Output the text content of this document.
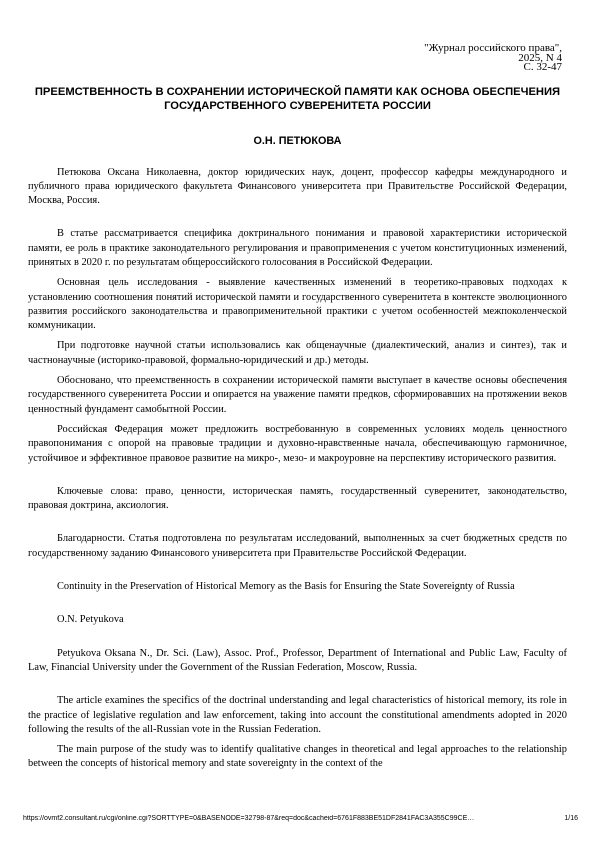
"Журнал российского права", 2025, N 4
С. 32-47
ПРЕЕМСТВЕННОСТЬ В СОХРАНЕНИИ ИСТОРИЧЕСКОЙ ПАМЯТИ КАК ОСНОВА ОБЕСПЕЧЕНИЯ ГОСУДАРСТВЕННОГО СУВЕРЕНИТЕТА РОССИИ
О.Н. ПЕТЮКОВА

Петюкова Оксана Николаевна, доктор юридических наук, доцент, профессор кафедры международного и публичного права юридического факультета Финансового университета при Правительстве Российской Федерации, Москва, Россия.

В статье рассматривается специфика доктринального понимания и правовой характеристики исторической памяти, ее роль в практике законодательного регулирования и правоприменения с учетом конституционных изменений, принятых в 2020 г. по результатам общероссийского голосования в Российской Федерации.

Основная цель исследования - выявление качественных изменений в теоретико-правовых подходах к установлению соотношения понятий исторической памяти и государственного суверенитета в контексте эволюционного развития российского законодательства и правоприменительной практики с учетом особенностей межпоколенческой коммуникации.

При подготовке научной статьи использовались как общенаучные (диалектический, анализ и синтез), так и частнонаучные (историко-правовой, формально-юридический и др.) методы.

Обосновано, что преемственность в сохранении исторической памяти выступает в качестве основы обеспечения государственного суверенитета России и опирается на уважение памяти предков, сформировавших на протяжении веков ценностный фундамент самобытной России.

Российская Федерация может предложить востребованную в современных условиях модель ценностного правопонимания с опорой на правовые традиции и духовно-нравственные начала, обеспечивающую гармоничное, устойчивое и эффективное правовое развитие на микро-, мезо- и макроуровне на перспективу исторического развития.

Ключевые слова: право, ценности, историческая память, государственный суверенитет, законодательство, правовая доктрина, аксиология.

Благодарности. Статья подготовлена по результатам исследований, выполненных за счет бюджетных средств по государственному заданию Финансового университета при Правительстве Российской Федерации.

Continuity in the Preservation of Historical Memory as the Basis for Ensuring the State Sovereignty of Russia

O.N. Petyukova

Petyukova Oksana N., Dr. Sci. (Law), Assoc. Prof., Professor, Department of International and Public Law, Faculty of Law, Financial University under the Government of the Russian Federation, Moscow, Russia.

The article examines the specifics of the doctrinal understanding and legal characteristics of historical memory, its role in the practice of legislative regulation and law enforcement, taking into account the constitutional amendments adopted in 2020 following the results of the all-Russian vote in the Russian Federation.

The main purpose of the study was to identify qualitative changes in theoretical and legal approaches to the relationship between the concepts of historical memory and state sovereignty in the context of the

https://ovmf2.consultant.ru/cgi/online.cgi?SORTTYPE=0&BASENODE=32798-87&req=doc&cacheid=6761F883BE51DF2841FAC3A355C99CE…	1/16
